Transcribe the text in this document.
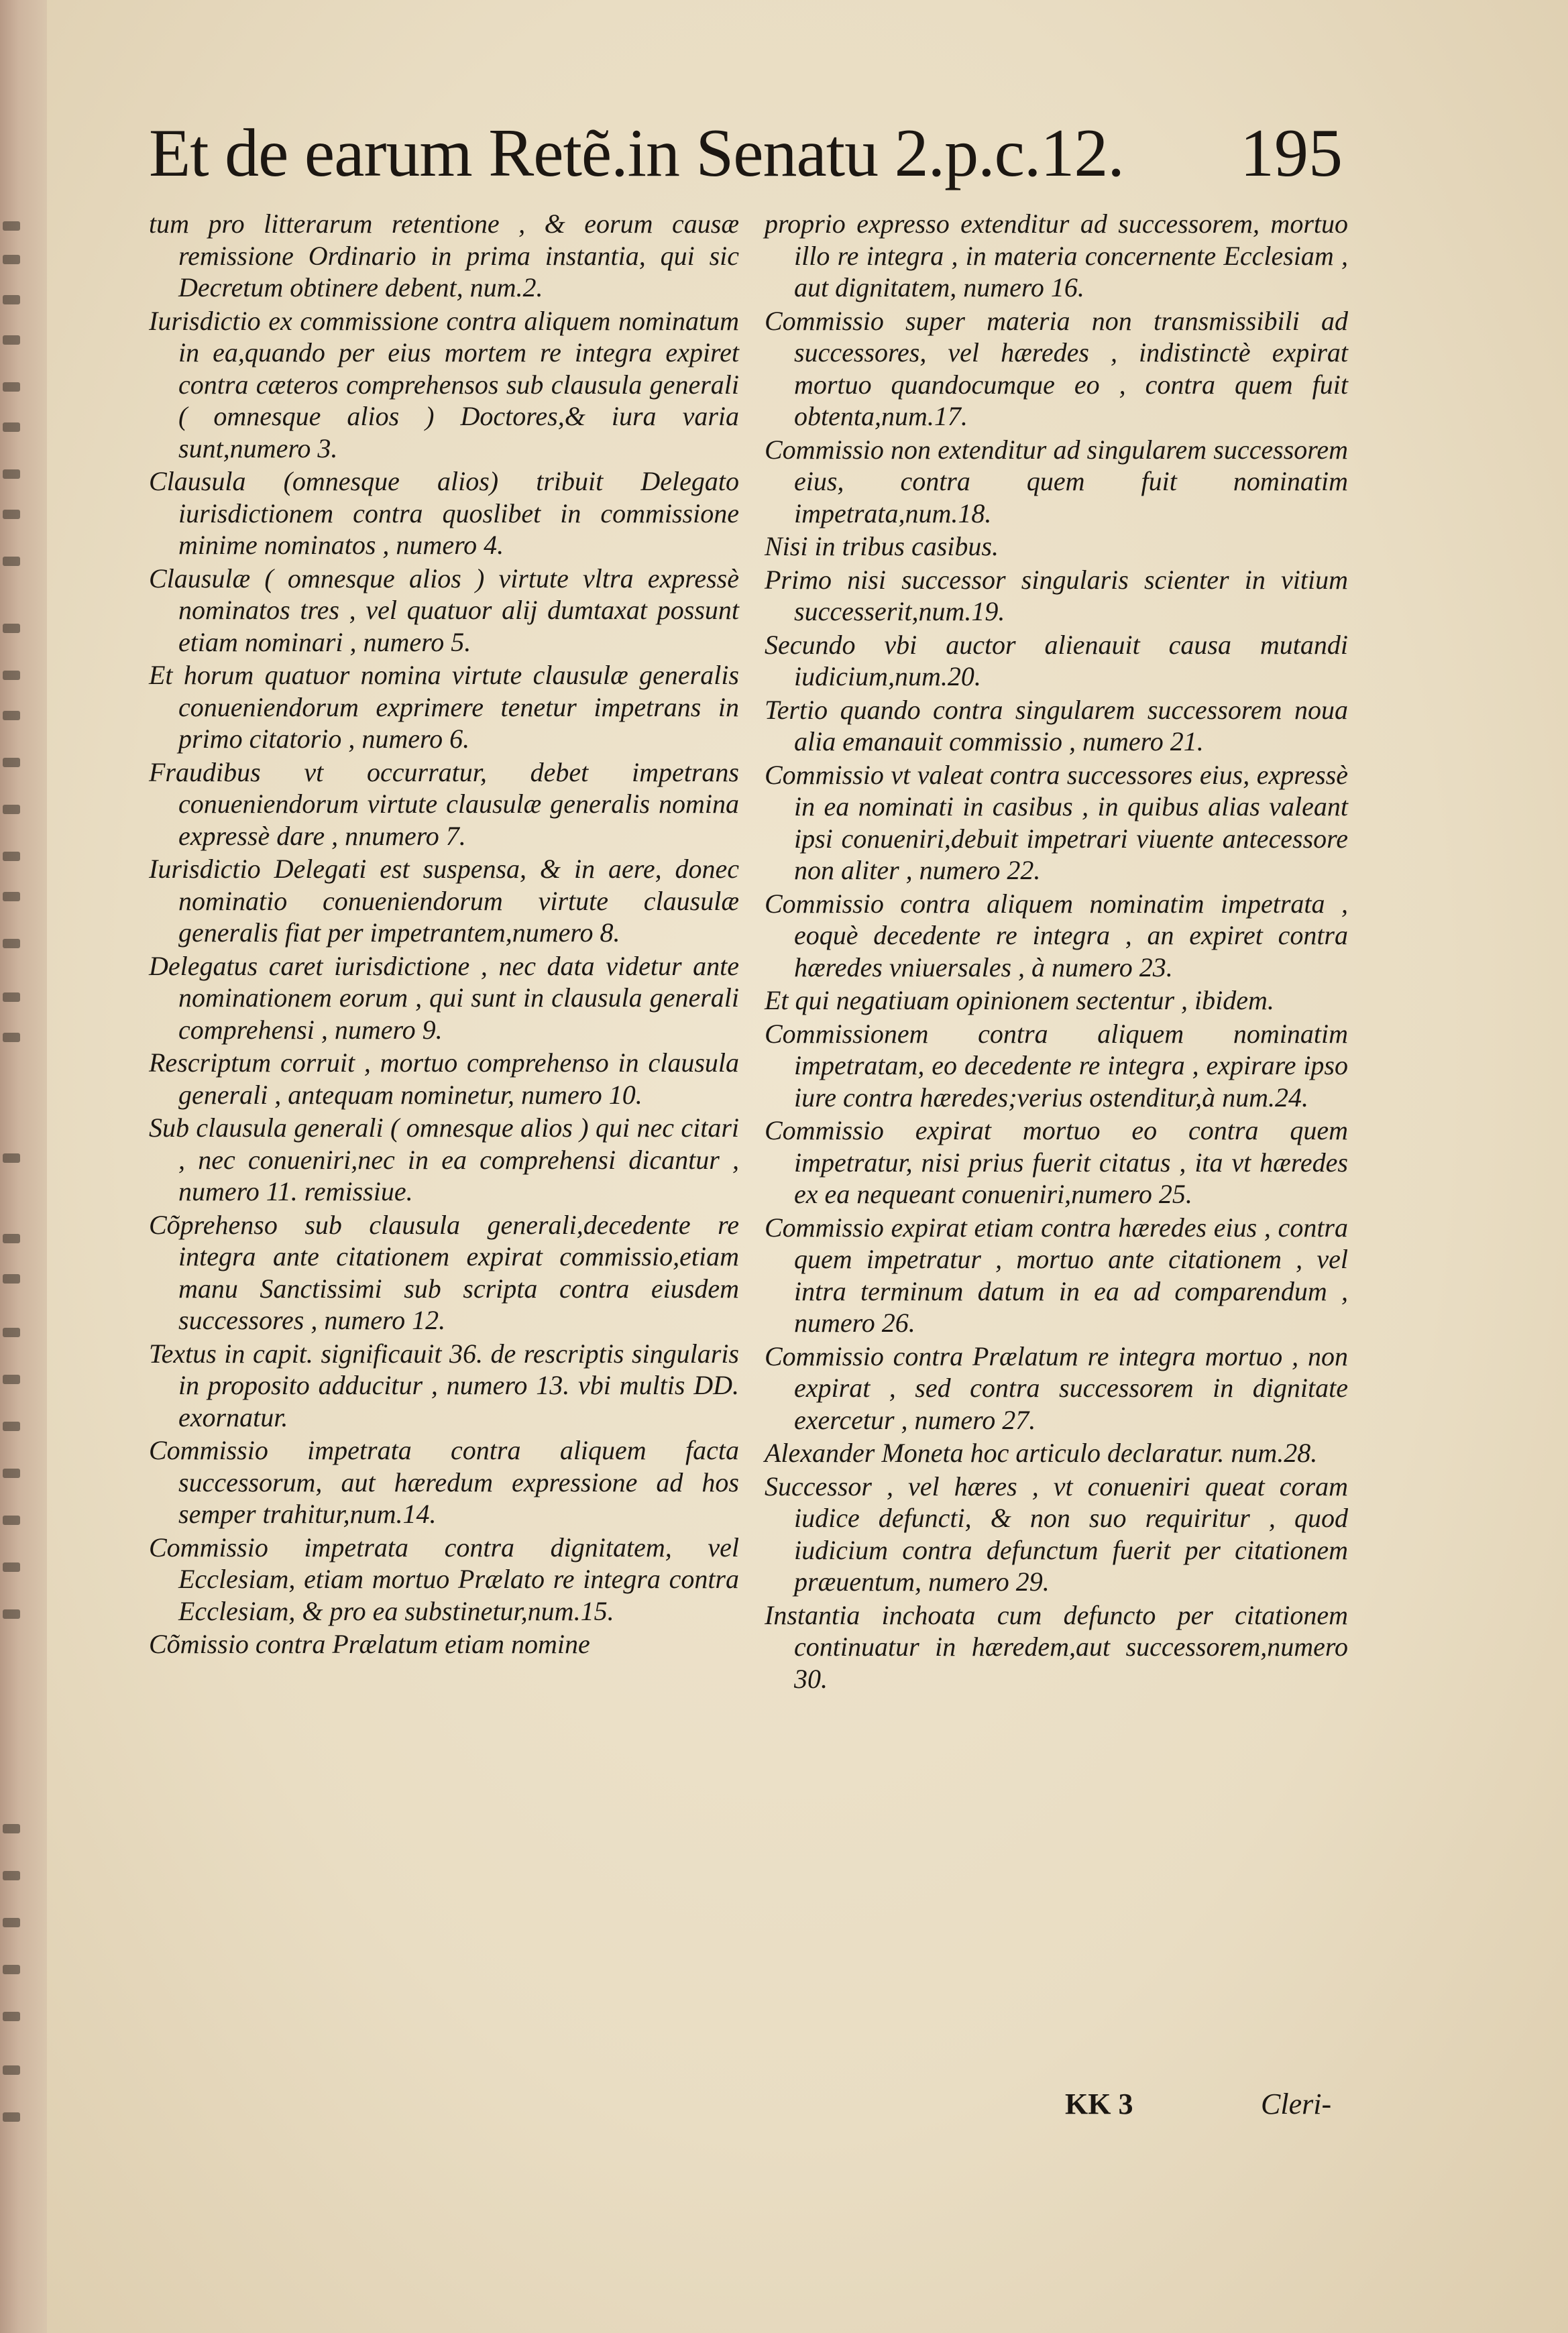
Et de earum Retẽ.in Senatu 2.p.c.12. 195

tum pro litterarum retentione , & eorum causæ remissione Ordinario in prima instantia, qui sic Decretum obtinere debent, num.2.

Iurisdictio ex commissione contra aliquem nominatum in ea,quando per eius mortem re integra expiret contra cæteros comprehensos sub clausula generali ( omnesque alios ) Doctores,& iura varia sunt,numero 3.

Clausula (omnesque alios) tribuit Delegato iurisdictionem contra quoslibet in commissione minime nominatos , numero 4.

Clausulæ ( omnesque alios ) virtute vltra expressè nominatos tres , vel quatuor alij dumtaxat possunt etiam nominari , numero 5.

Et horum quatuor nomina virtute clausulæ generalis conueniendorum exprimere tenetur impetrans in primo citatorio , numero 6.

Fraudibus vt occurratur, debet impetrans conueniendorum virtute clausulæ generalis nomina expressè dare , nnumero 7.

Iurisdictio Delegati est suspensa, & in aere, donec nominatio conueniendorum virtute clausulæ generalis fiat per impetrantem,numero 8.

Delegatus caret iurisdictione , nec data videtur ante nominationem eorum , qui sunt in clausula generali comprehensi , numero 9.

Rescriptum corruit , mortuo comprehenso in clausula generali , antequam nominetur, numero 10.

Sub clausula generali ( omnesque alios ) qui nec citari , nec conueniri,nec in ea comprehensi dicantur , numero 11. remissiue.

Cõprehenso sub clausula generali,decedente re integra ante citationem expirat commissio,etiam manu Sanctissimi sub scripta contra eiusdem successores , numero 12.

Textus in capit. significauit 36. de rescriptis singularis in proposito adducitur , numero 13. vbi multis DD. exornatur.

Commissio impetrata contra aliquem facta successorum, aut hæredum expressione ad hos semper trahitur,num.14.

Commissio impetrata contra dignitatem, vel Ecclesiam, etiam mortuo Prælato re integra contra Ecclesiam, & pro ea substinetur,num.15.

Cõmissio contra Prælatum etiam nomine

proprio expresso extenditur ad successorem, mortuo illo re integra , in materia concernente Ecclesiam , aut dignitatem, numero 16.

Commissio super materia non transmissibili ad successores, vel hæredes , indistinctè expirat mortuo quandocumque eo , contra quem fuit obtenta,num.17.

Commissio non extenditur ad singularem successorem eius, contra quem fuit nominatim impetrata,num.18.

Nisi in tribus casibus.

Primo nisi successor singularis scienter in vitium successerit,num.19.

Secundo vbi auctor alienauit causa mutandi iudicium,num.20.

Tertio quando contra singularem successorem noua alia emanauit commissio , numero 21.

Commissio vt valeat contra successores eius, expressè in ea nominati in casibus , in quibus alias valeant ipsi conueniri,debuit impetrari viuente antecessore non aliter , numero 22.

Commissio contra aliquem nominatim impetrata , eoquè decedente re integra , an expiret contra hæredes vniuersales , à numero 23.

Et qui negatiuam opinionem sectentur , ibidem.

Commissionem contra aliquem nominatim impetratam, eo decedente re integra , expirare ipso iure contra hæredes;verius ostenditur,à num.24.

Commissio expirat mortuo eo contra quem impetratur, nisi prius fuerit citatus , ita vt hæredes ex ea nequeant conueniri,numero 25.

Commissio expirat etiam contra hæredes eius , contra quem impetratur , mortuo ante citationem , vel intra terminum datum in ea ad comparendum , numero 26.

Commissio contra Prælatum re integra mortuo , non expirat , sed contra successorem in dignitate exercetur , numero 27.

Alexander Moneta hoc articulo declaratur. num.28.

Successor , vel hæres , vt conueniri queat coram iudice defuncti, & non suo requiritur , quod iudicium contra defunctum fuerit per citationem præuentum, numero 29.

Instantia inchoata cum defuncto per citationem continuatur in hæredem,aut successorem,numero 30.

KK 3	Cleri-
